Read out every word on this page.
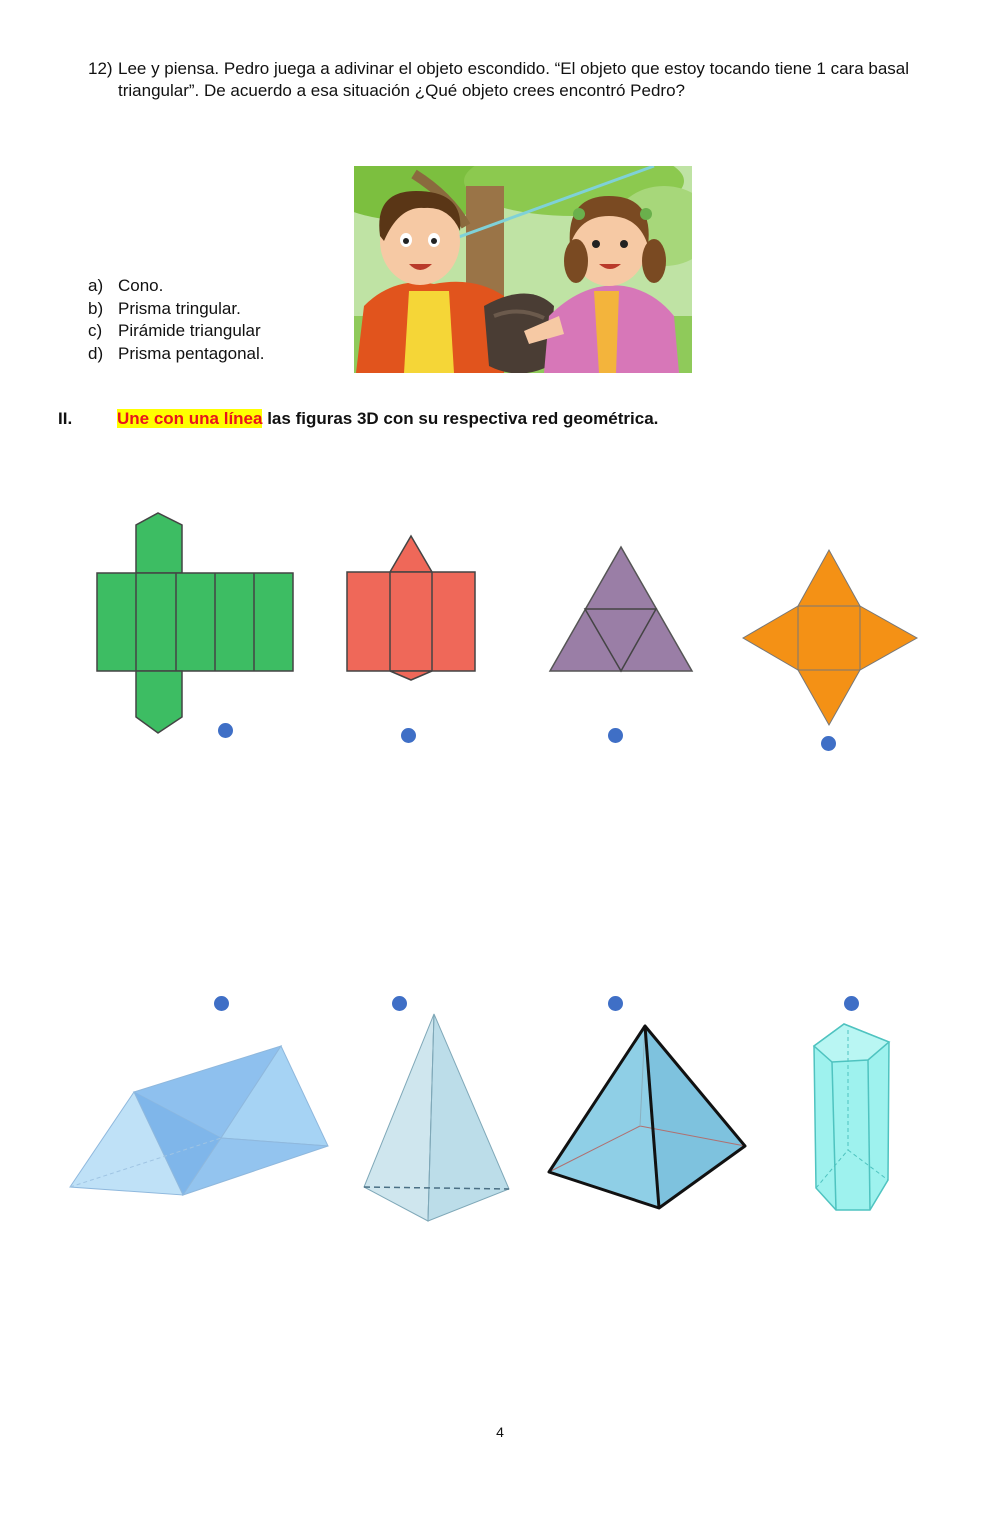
12) Lee y piensa. Pedro juega a adivinar el objeto escondido. “El objeto que estoy tocando tiene 1 cara basal triangular”. De acuerdo a esa situación ¿Qué objeto crees encontró Pedro?
a) Cono.
b) Prisma tringular.
c) Pirámide triangular
d) Prisma pentagonal.
II.	Une con una línea las figuras 3D con su respectiva red geométrica.
4
